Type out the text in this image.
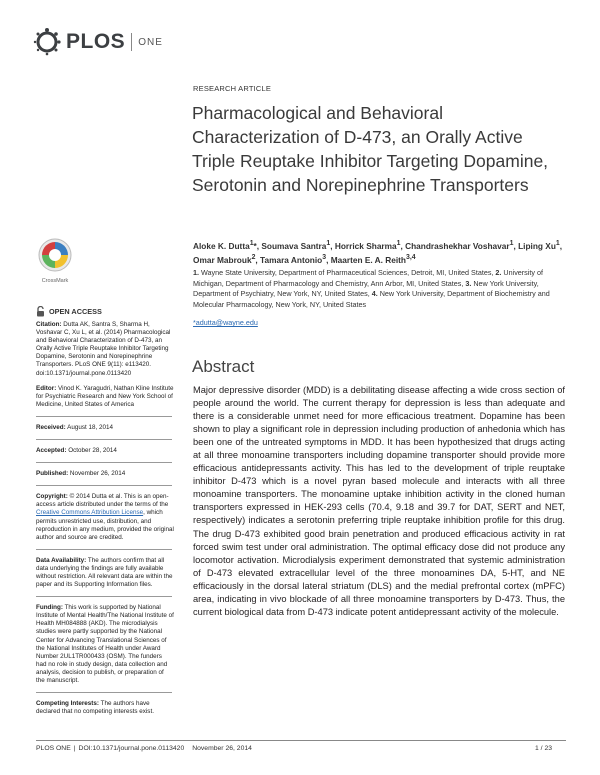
PLOS ONE
RESEARCH ARTICLE
Pharmacological and Behavioral Characterization of D-473, an Orally Active Triple Reuptake Inhibitor Targeting Dopamine, Serotonin and Norepinephrine Transporters
Aloke K. Dutta$^1$*, Soumava Santra$^1$, Horrick Sharma$^1$, Chandrashekhar Voshavar$^1$, Liping Xu$^1$, Omar Mabrouk$^2$, Tamara Antonio$^3$, Maarten E. A. Reith$^{3,4}$
1. Wayne State University, Department of Pharmaceutical Sciences, Detroit, MI, United States, 2. University of Michigan, Department of Pharmacology and Chemistry, Ann Arbor, MI, United States, 3. New York University, Department of Psychiatry, New York, NY, United States, 4. New York University, Department of Biochemistry and Molecular Pharmacology, New York, NY, United States
*adutta@wayne.edu
Abstract
Major depressive disorder (MDD) is a debilitating disease affecting a wide cross section of people around the world. The current therapy for depression is less than adequate and there is a considerable unmet need for more efficacious treatment. Dopamine has been shown to play a significant role in depression including production of anhedonia which has been one of the untreated symptoms in MDD. It has been hypothesized that drugs acting at all three monoamine transporters including dopamine transporter should provide more efficacious antidepressants activity. This has led to the development of triple reuptake inhibitor D-473 which is a novel pyran based molecule and interacts with all three monoamine transporters. The monoamine uptake inhibition activity in the cloned human transporters expressed in HEK-293 cells (70.4, 9.18 and 39.7 for DAT, SERT and NET, respectively) indicates a serotonin preferring triple reuptake inhibition profile for this drug. The drug D-473 exhibited good brain penetration and produced efficacious activity in rat forced swim test under oral administration. The optimal efficacy dose did not produce any locomotor activation. Microdialysis experiment demonstrated that systemic administration of D-473 elevated extracellular level of the three monoamines DA, 5-HT, and NE efficaciously in the dorsal lateral striatum (DLS) and the medial prefrontal cortex (mPFC) area, indicating in vivo blockade of all three monoamine transporters by D-473. Thus, the current biological data from D-473 indicate potent antidepressant activity of the molecule.
CrossMark
OPEN ACCESS

Citation: Dutta AK, Santra S, Sharma H, Voshavar C, Xu L, et al. (2014) Pharmacological and Behavioral Characterization of D-473, an Orally Active Triple Reuptake Inhibitor Targeting Dopamine, Serotonin and Norepinephrine Transporters. PLoS ONE 9(11): e113420. doi:10.1371/journal.pone.0113420

Editor: Vinod K. Yaragudri, Nathan Kline Institute for Psychiatric Research and New York School of Medicine, United States of America

Received: August 18, 2014

Accepted: October 28, 2014

Published: November 26, 2014

Copyright: © 2014 Dutta et al. This is an open-access article distributed under the terms of the Creative Commons Attribution License, which permits unrestricted use, distribution, and reproduction in any medium, provided the original author and source are credited.

Data Availability: The authors confirm that all data underlying the findings are fully available without restriction. All relevant data are within the paper and its Supporting Information files.

Funding: This work is supported by National Institute of Mental Health/The National Institute of Health MH084888 (AKD). The microdialysis studies were partly supported by the National Center for Advancing Translational Sciences of the National Institutes of Health under Award Number 2UL1TR000433 (OSM). The funders had no role in study design, data collection and analysis, decision to publish, or preparation of the manuscript.

Competing Interests: The authors have declared that no competing interests exist.

PLOS ONE | DOI:10.1371/journal.pone.0113420 November 26, 2014	1 / 23
